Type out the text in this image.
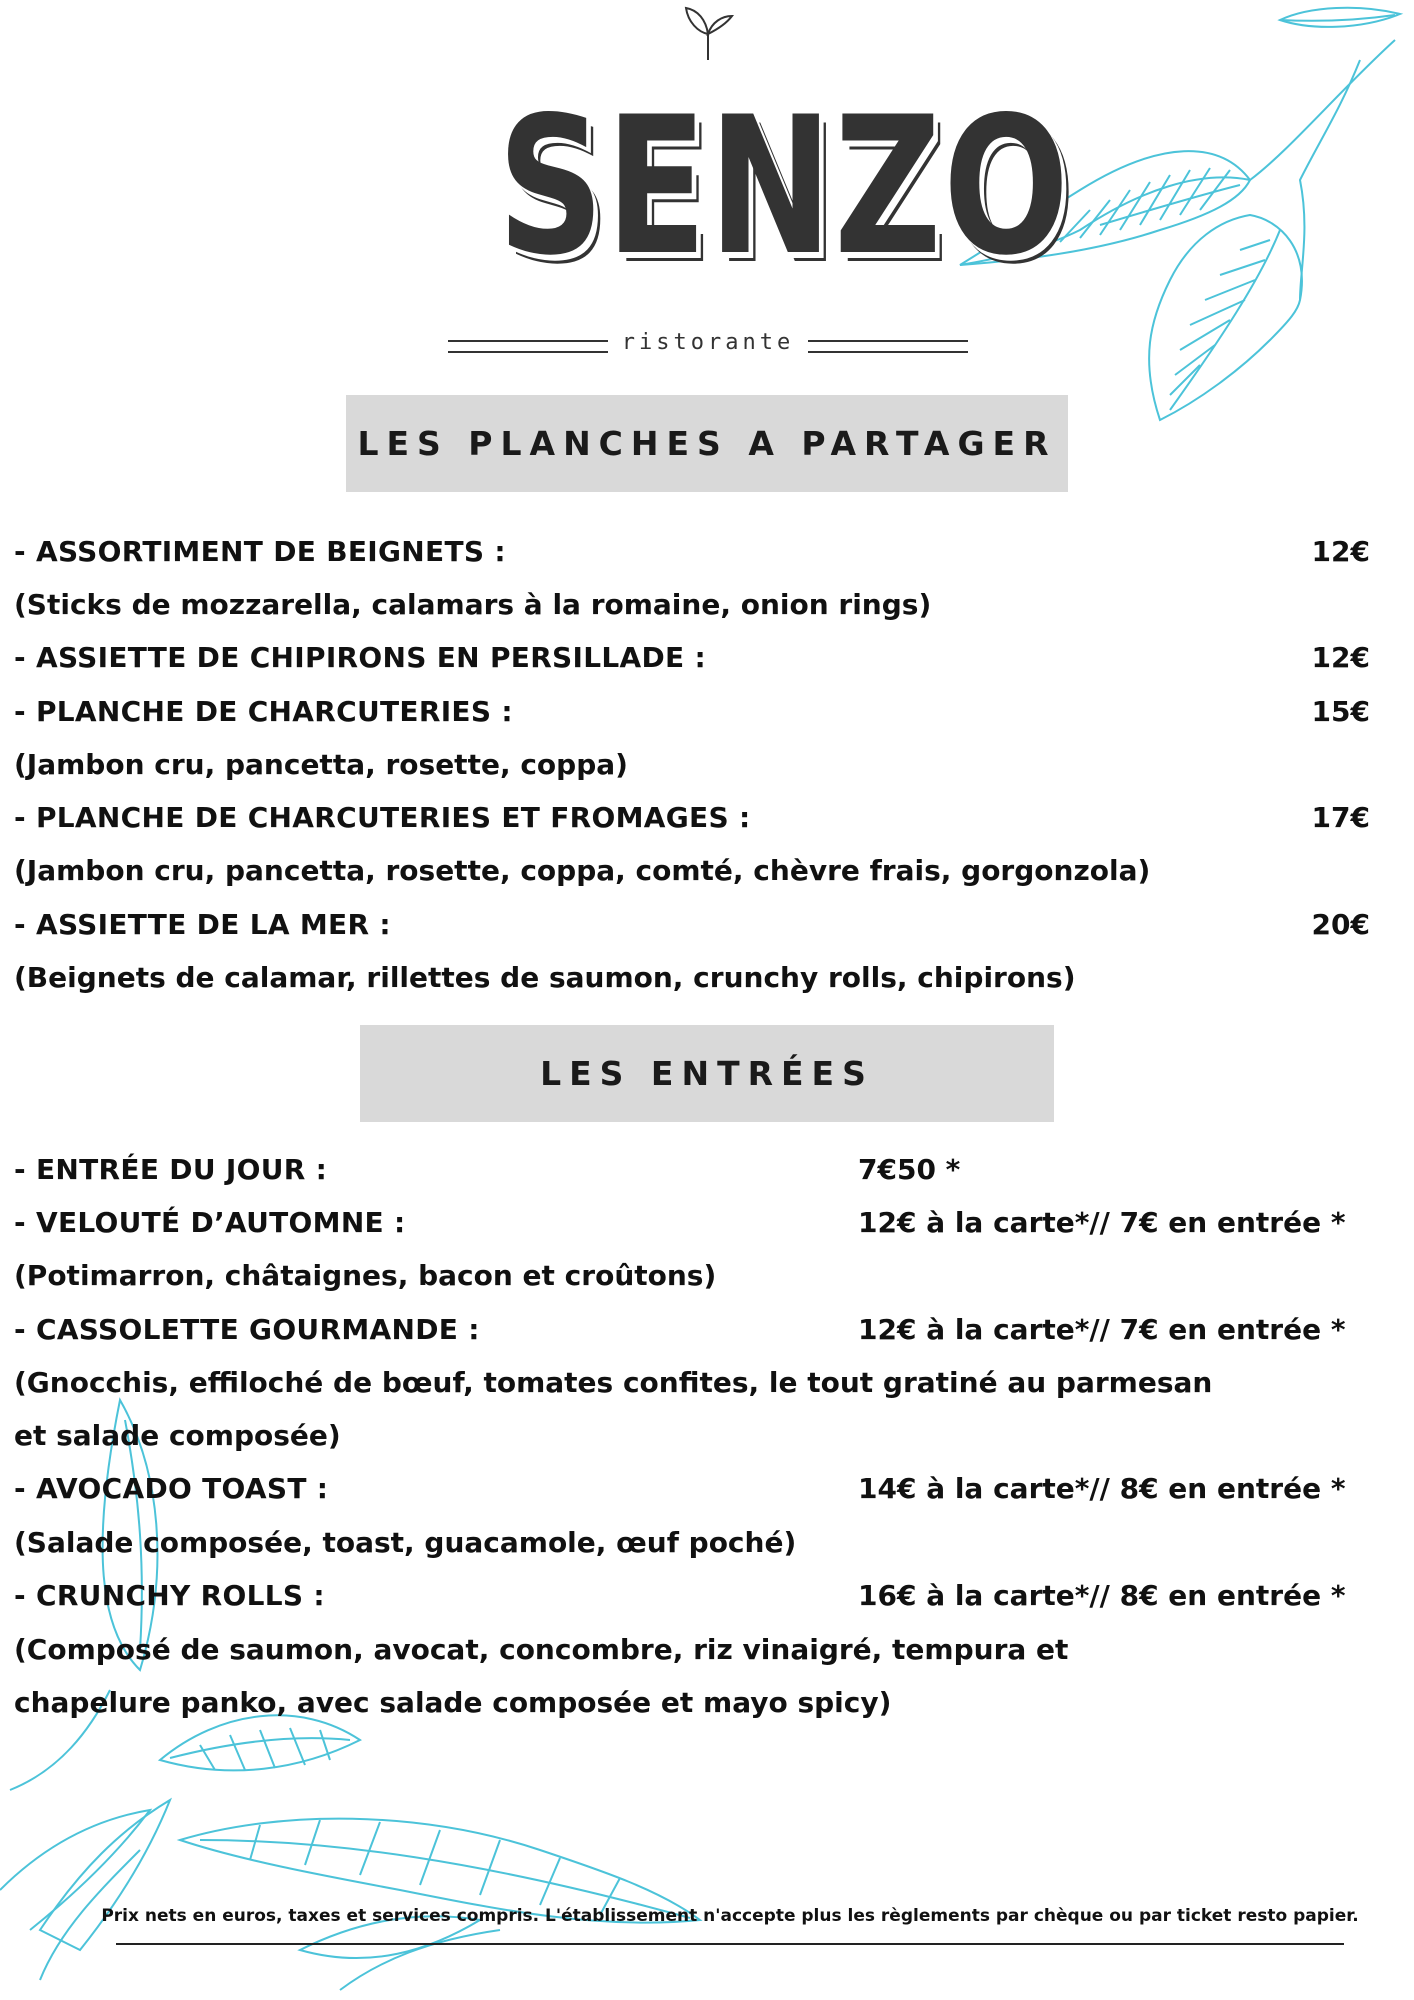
SENZO
ristorante
LES PLANCHES A PARTAGER
- ASSORTIMENT DE BEIGNETS :	12€
(Sticks de mozzarella, calamars à la romaine, onion rings)
- ASSIETTE DE CHIPIRONS EN PERSILLADE :	12€
- PLANCHE DE CHARCUTERIES :	15€
(Jambon cru, pancetta, rosette, coppa)
- PLANCHE DE CHARCUTERIES ET FROMAGES :	17€
(Jambon cru, pancetta, rosette, coppa, comté, chèvre frais, gorgonzola)
- ASSIETTE DE LA MER :	20€
(Beignets de calamar, rillettes de saumon, crunchy rolls, chipirons)
LES ENTRÉES
- ENTRÉE DU JOUR :	7€50 *
- VELOUTÉ D’AUTOMNE :	12€ à la carte*// 7€ en entrée *
(Potimarron, châtaignes, bacon et croûtons)
- CASSOLETTE GOURMANDE :	12€ à la carte*// 7€ en entrée *
(Gnocchis, effiloché de bœuf, tomates confites, le tout gratiné au parmesan
et salade composée)
- AVOCADO TOAST :	14€ à la carte*// 8€ en entrée *
(Salade composée, toast, guacamole, œuf poché)
- CRUNCHY ROLLS :	16€ à la carte*// 8€ en entrée *
(Composé de saumon, avocat, concombre, riz vinaigré, tempura et
chapelure panko, avec salade composée et mayo spicy)
Prix nets en euros, taxes et services compris. L'établissement n'accepte plus les règlements par chèque ou par ticket resto papier.
